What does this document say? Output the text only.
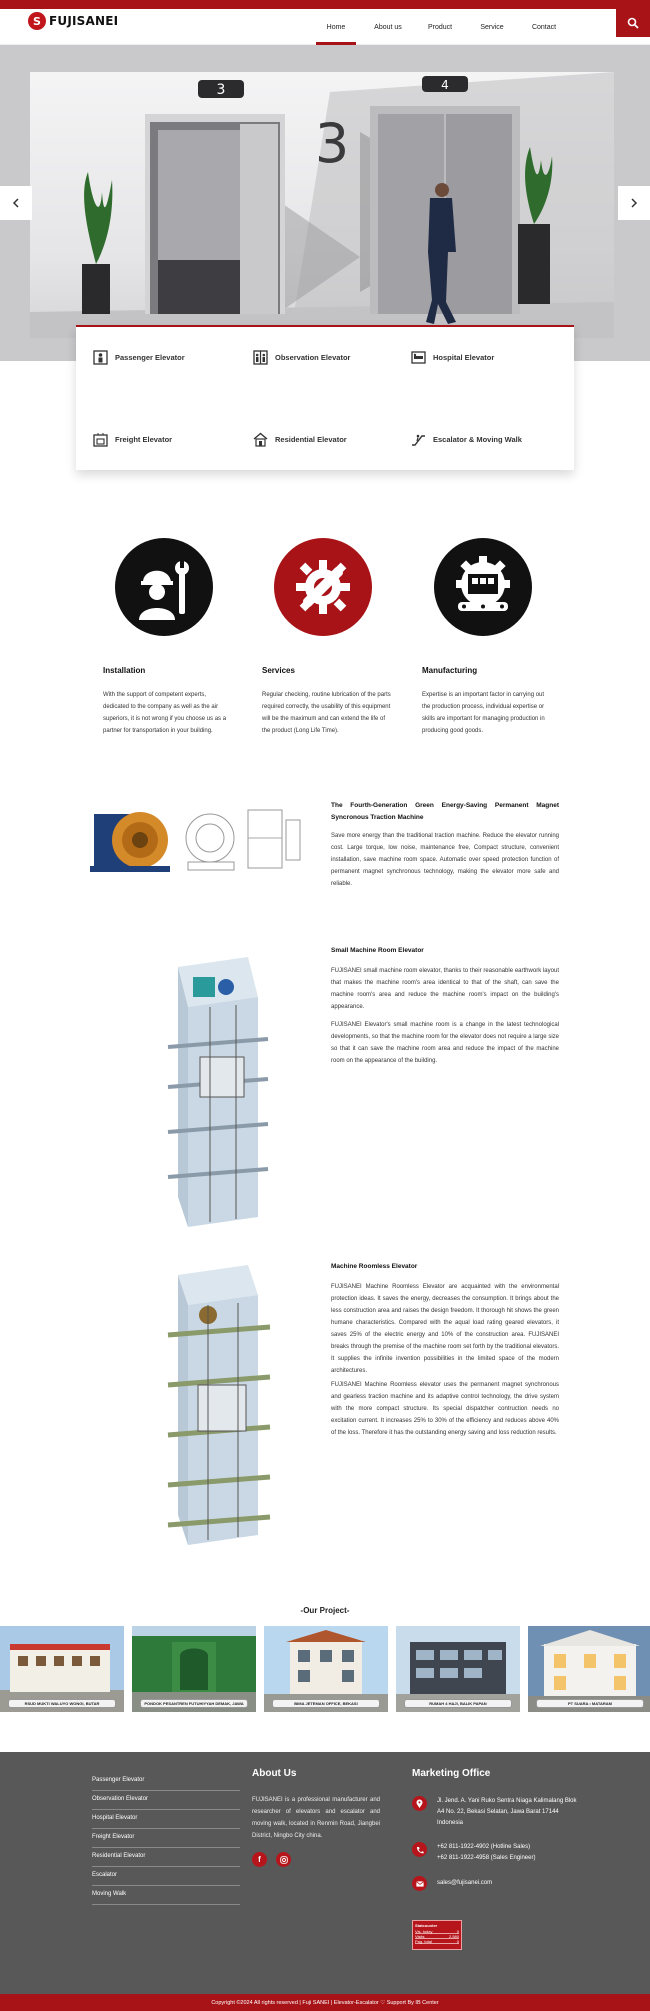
S FUJISANEI	Home	About us	Product	Service	Contact
3	4
3
Passenger Elevator	Observation Elevator	Hospital Elevator
Freight Elevator	Residential Elevator	Escalator & Moving Walk
Installation
With the support of competent experts, dedicated to the company as well as the air superiors, it is not wrong if you choose us as a partner for transportation in your building.
Services
Regular checking, routine lubrication of the parts required correctly, the usability of this equipment will be the maximum and can extend the life of the product (Long Life Time).
Manufacturing
Expertise is an important factor in carrying out the production process, individual expertise or skills are important for managing production in producing good goods.
The Fourth-Generation Green Energy-Saving Permanent Magnet Syncronous Traction Machine
Save more energy than the traditional traction machine. Reduce the elevator running cost. Large torque, low noise, maintenance free, Compact structure, convenient installation, save machine room space. Automatic over speed protection function of permanent magnet synchronous technology, making the elevator more safe and reliable.
Small Machine Room Elevator
FUJISANEI small machine room elevator, thanks to their reasonable earthwork layout that makes the machine room's area identical to that of the shaft, can save the machine room's area and reduce the machine room's impact on the building's appearance.
FUJISANEI Elevator's small machine room is a change in the latest technological developments, so that the machine room for the elevator does not require a large size so that it can save the machine room area and reduce the impact of the machine room on the appearance of the building.
Machine Roomless Elevator
FUJISANEI Machine Roomless Elevator are acquainted with the environmental protection ideas. It saves the energy, decreases the consumption. It brings about the less construction area and raises the design freedom. It thorough hit shows the green humane characteristics. Compared with the aqual load rating geared elevators, it saves 25% of the electric energy and 10% of the construction area. FUJISANEI breaks through the premise of the machine room set forth by the traditional elevators. It supplies the infinite invention possibilities in the limited space of the modern architectures.
FUJISANEI Machine Roomless elevator uses the permanent magnet synchronous and gearless traction machine and its adaptive control technology, the drive system with the more compact structure. Its special dispatcher contruction needs no excitation current. It increases 25% to 30% of the efficiency and reduces above 40% of the loss. Therefore it has the outstanding energy saving and loss reduction results.
-Our Project-
RSUD MUKTI WALUYO WONGI, BUTAR	PONDOK PESANTREN FUTUHIYYAH DEMAK, JAWA	BIMA JETEMAN OFFICE, BEKASI	RUMAH 4 HAJI, BALIK PAPAN	PT SUARA • MATARAM
Passenger Elevator
Observation Elevator
Hospital Elevator
Freight Elevator
Residential Elevator
Escalator
Moving Walk
About Us
FUJISANEI is a professional manufacturer and researcher of elevators and escalator and moving walk, located in Renmin Road, Jiangbei District, Ningbo City china.
f
Marketing Office
Jl. Jend. A. Yani Ruko Sentra Niaga Kalimalang Blok A4 No. 22, Bekasi Selatan, Jawa Barat 17144 Indonesia
+62 811-1922-4902 (Hotline Sales)
+62 811-1922-4958 (Sales Engineer)
sales@fujisanei.com
Statcounter
Vis. today	0
Visits	2,580
Pag. total	0
Copyright ©2024 All rights reserved | Fuji SANEI | Elevator-Escalator ♡ Support By IB Center
